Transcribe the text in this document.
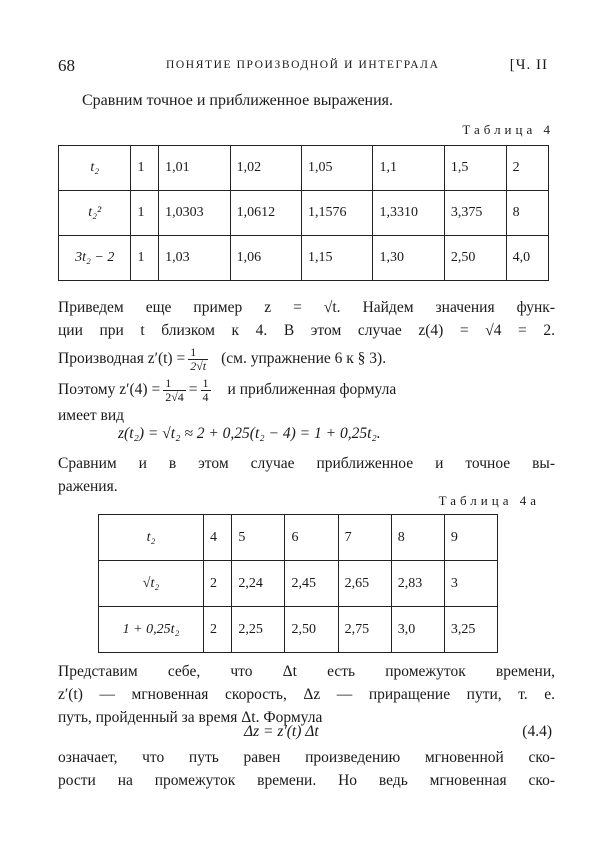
68	ПОНЯТИЕ ПРОИЗВОДНОЙ И ИНТЕГРАЛА	[Ч. II
Сравним точное и приближенное выражения.
Таблица 4
t₂	1	1,01	1,02	1,05	1,1	1,5	2
t₂²	1	1,0303	1,0612	1,1576	1,3310	3,375	8
3t₂ − 2	1	1,03	1,06	1,15	1,30	2,50	4,0
Приведем еще пример z = √t. Найдем значения функ-
ции при t близком к 4. В этом случае z(4) = √4 = 2.
Производная $z'(t) = \frac{1}{2√t} (см$. упражнение 6 к § 3).
Поэтому $z'(4) = \frac{1}{2√4} = \frac{1}{4}$ и приближенная формула
имеет вид
z(t₂) = √t₂ ≈ 2 + 0,25(t₂ − 4) = 1 + 0,25t₂.
Сравним и в этом случае приближенное и точное вы-
ражения.
Таблица 4а
t₂	4	5	6	7	8	9
√t₂	2	2,24	2,45	2,65	2,83	3
1 + 0,25t₂	2	2,25	2,50	2,75	3,0	3,25
Представим себе, что Δt есть промежуток времени,
z′(t) — мгновенная скорость, Δz — приращение пути, т. е.
путь, пройденный за время Δt. Формула
Δz = z′(t) Δt	(4.4)
означает, что путь равен произведению мгновенной ско-
рости на промежуток времени. Но ведь мгновенная ско-
